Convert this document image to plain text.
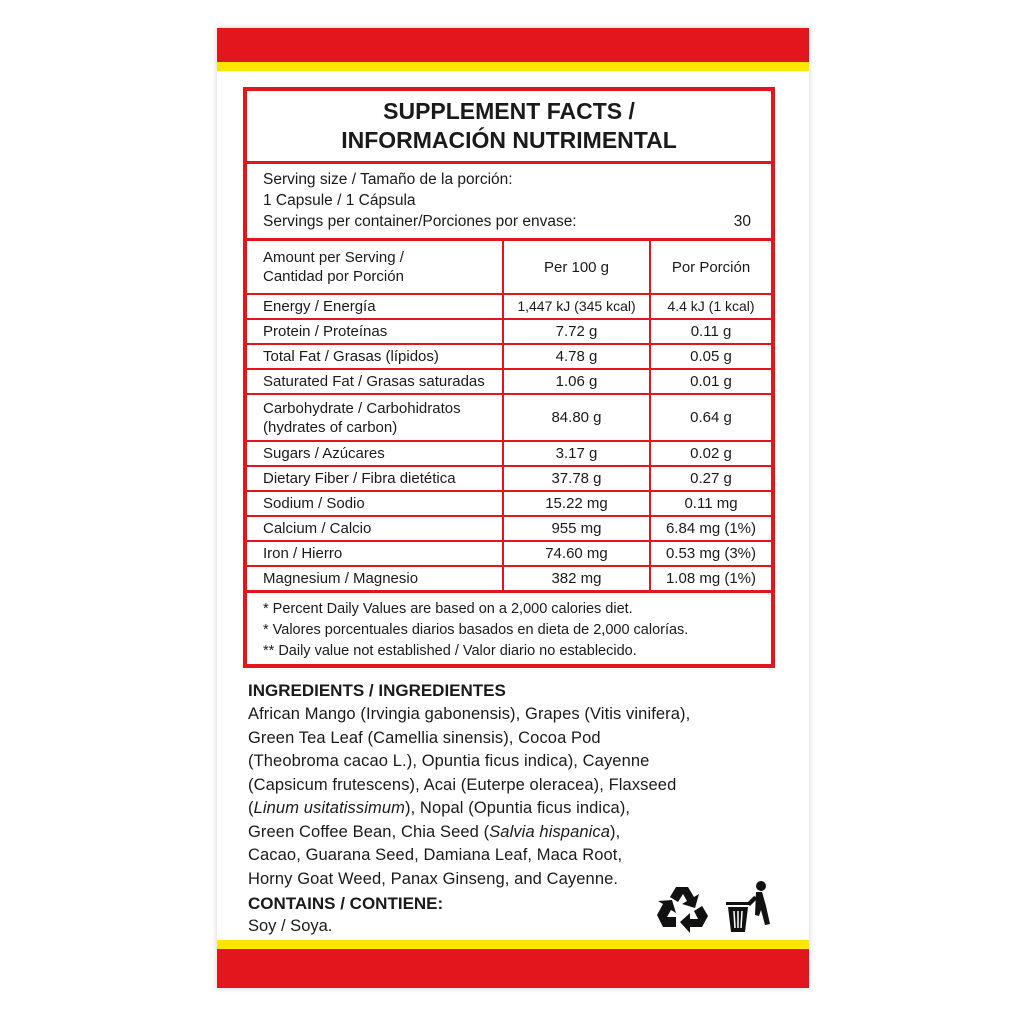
SUPPLEMENT FACTS /
INFORMACIÓN NUTRIMENTAL
Serving size / Tamaño de la porción:
1 Capsule / 1 Cápsula
Servings per container/Porciones por envase:	30
Amount per Serving /
Cantidad por Porción	Per 100 g	Por Porción
Energy / Energía	1,447 kJ (345 kcal)	4.4 kJ (1 kcal)
Protein / Proteínas	7.72 g	0.11 g
Total Fat / Grasas (lípidos)	4.78 g	0.05 g
Saturated Fat / Grasas saturadas	1.06 g	0.01 g

Carbohydrate / Carbohidratos
(hydrates of carbon)	84.80 g	0.64 g
Sugars / Azúcares	3.17 g	0.02 g
Dietary Fiber / Fibra dietética	37.78 g	0.27 g
Sodium / Sodio	15.22 mg	0.11 mg
Calcium / Calcio	955 mg	6.84 mg (1%)
Iron / Hierro	74.60 mg	0.53 mg (3%)
Magnesium / Magnesio	382 mg	1.08 mg (1%)
* Percent Daily Values are based on a 2,000 calories diet.
* Valores porcentuales diarios basados en dieta de 2,000 calorías.
** Daily value not established / Valor diario no establecido.
INGREDIENTS / INGREDIENTES
African Mango (Irvingia gabonensis), Grapes (Vitis vinifera),
Green Tea Leaf (Camellia sinensis), Cocoa Pod
(Theobroma cacao L.), Opuntia ficus indica), Cayenne
(Capsicum frutescens), Acai (Euterpe oleracea), Flaxseed
(Linum usitatissimum), Nopal (Opuntia ficus indica),
Green Coffee Bean, Chia Seed (Salvia hispanica),
Cacao, Guarana Seed, Damiana Leaf, Maca Root,
Horny Goat Weed, Panax Ginseng, and Cayenne.
CONTAINS / CONTIENE:
Soy / Soya.
